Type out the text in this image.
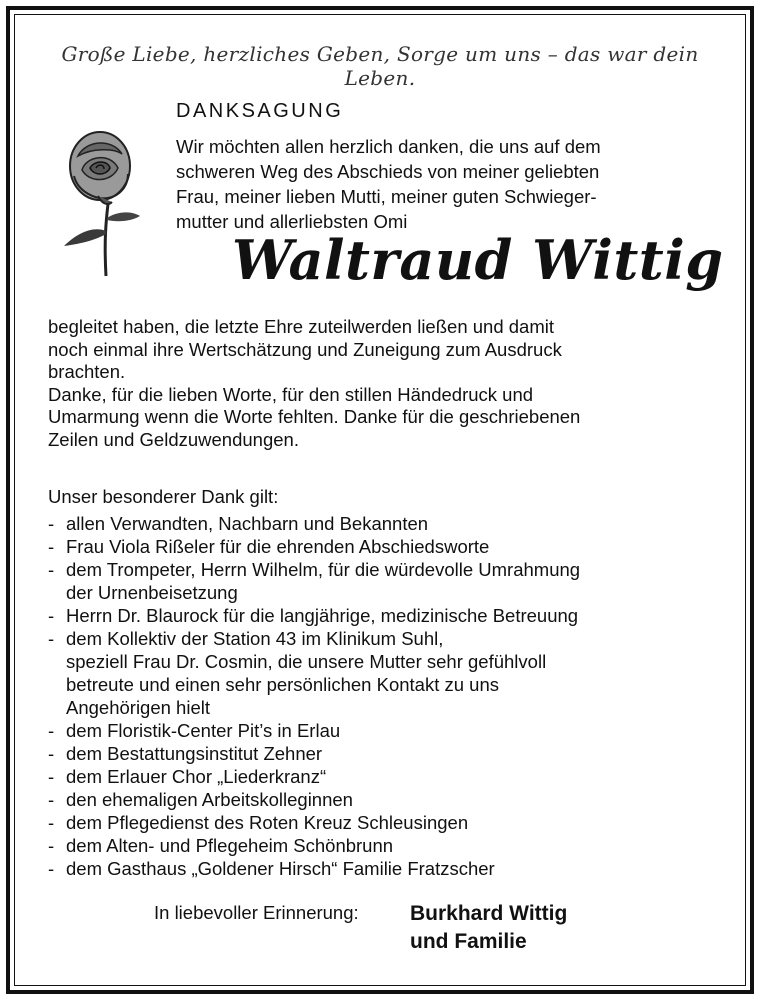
Große Liebe, herzliches Geben, Sorge um uns – das war dein Leben.
DANKSAGUNG
Wir möchten allen herzlich danken, die uns auf dem
schweren Weg des Abschieds von meiner geliebten
Frau, meiner lieben Mutti, meiner guten Schwieger-
mutter und allerliebsten Omi
Waltraud Wittig
begleitet haben, die letzte Ehre zuteilwerden ließen und damit
noch einmal ihre Wertschätzung und Zuneigung zum Ausdruck
brachten.
Danke, für die lieben Worte, für den stillen Händedruck und
Umarmung wenn die Worte fehlten. Danke für die geschriebenen
Zeilen und Geldzuwendungen.
Unser besonderer Dank gilt:
- allen Verwandten, Nachbarn und Bekannten
- Frau Viola Rißeler für die ehrenden Abschiedsworte
- dem Trompeter, Herrn Wilhelm, für die würdevolle Umrahmung
der Urnenbeisetzung
- Herrn Dr. Blaurock für die langjährige, medizinische Betreuung
- dem Kollektiv der Station 43 im Klinikum Suhl,
speziell Frau Dr. Cosmin, die unsere Mutter sehr gefühlvoll
betreute und einen sehr persönlichen Kontakt zu uns
Angehörigen hielt
- dem Floristik-Center Pit’s in Erlau
- dem Bestattungsinstitut Zehner
- dem Erlauer Chor „Liederkranz“
- den ehemaligen Arbeitskolleginnen
- dem Pflegedienst des Roten Kreuz Schleusingen
- dem Alten- und Pflegeheim Schönbrunn
- dem Gasthaus „Goldener Hirsch“ Familie Fratzscher
In liebevoller Erinnerung: Burkhard Wittig
und Familie
